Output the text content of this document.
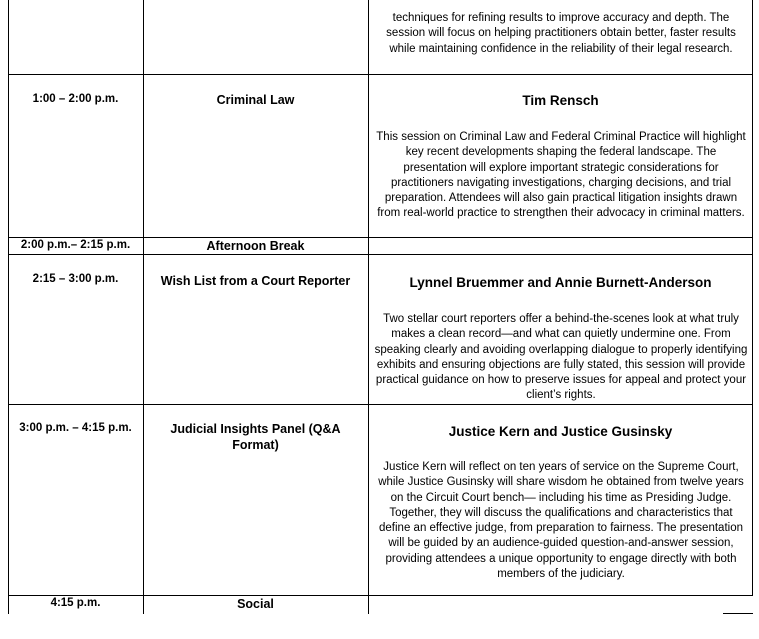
techniques for refining results to improve accuracy and depth. The session will focus on helping practitioners obtain better, faster results while maintaining confidence in the reliability of their legal research.
1:00 – 2:00 p.m.	Criminal Law	Tim Rensch
This session on Criminal Law and Federal Criminal Practice will highlight key recent developments shaping the federal landscape. The presentation will explore important strategic considerations for practitioners navigating investigations, charging decisions, and trial preparation. Attendees will also gain practical litigation insights drawn from real-world practice to strengthen their advocacy in criminal matters.
2:00 p.m.– 2:15 p.m.	Afternoon Break
2:15 – 3:00 p.m.	Wish List from a Court Reporter	Lynnel Bruemmer and Annie Burnett-Anderson
Two stellar court reporters offer a behind-the-scenes look at what truly makes a clean record—and what can quietly undermine one. From speaking clearly and avoiding overlapping dialogue to properly identifying exhibits and ensuring objections are fully stated, this session will provide practical guidance on how to preserve issues for appeal and protect your client’s rights.
3:00 p.m. – 4:15 p.m.	Judicial Insights Panel (Q&A Format)
Justice Kern and Justice Gusinsky
Justice Kern will reflect on ten years of service on the Supreme Court, while Justice Gusinsky will share wisdom he obtained from twelve years on the Circuit Court bench— including his time as Presiding Judge. Together, they will discuss the qualifications and characteristics that define an effective judge, from preparation to fairness. The presentation will be guided by an audience-guided question-and-answer session, providing attendees a unique opportunity to engage directly with both members of the judiciary.
4:15 p.m.	Social
